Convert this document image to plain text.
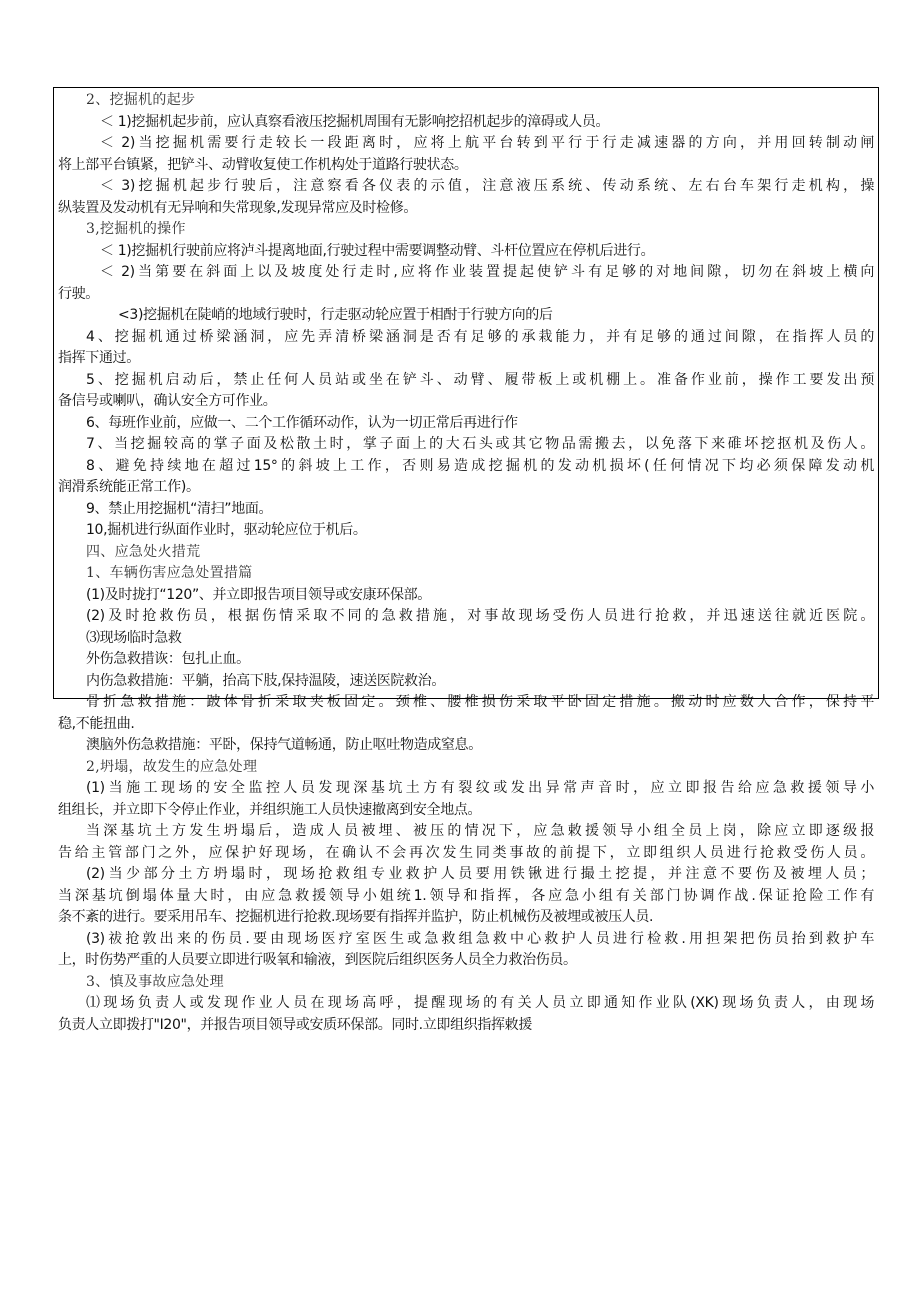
2、挖掘机的起步
＜ 1)挖掘机起步前，应认真察看液压挖掘机周围有无影响挖招机起步的漳碍或人员。
＜ 2)当挖掘机需要行走较长一段距离时，应将上航平台转到平行于行走减速器的方向，并用回转制动闸
将上部平台镇紧，把铲斗、动臂收复使工作机构处于道路行驶状态。
＜ 3)挖掘机起步行驶后，注意察看各仪表的示值，注意液压系统、传动系统、左右台车架行走机构，操
纵装置及发动机有无异响和失常现象,发现异常应及时检修。
3,挖掘机的操作
＜ 1)挖掘机行驶前应将泸斗提离地面,行驶过程中需要调整动臂、斗杆位置应在停机后进行。
＜ 2)当第要在斜面上以及坡度处行走时,应将作业装置提起使铲斗有足够的对地间隙，切勿在斜坡上横向
行驶。
<3)挖掘机在陡峭的地域行驶时，行走驱动轮应置于相酎于行驶方向的后
4、挖掘机通过桥梁涵洞，应先弄清桥梁涵洞是否有足够的承栽能力，并有足够的通过间隙，在指挥人员的
指挥下通过。
5、挖掘机启动后，禁止任何人员站或坐在铲斗、动臂、履带板上或机棚上。准备作业前，操作工要发出预
备信号或喇叭，确认安全方可作业。
6、每班作业前，应做一、二个工作循环动作，认为一切正常后再进行作
7、当挖掘较高的掌子面及松散土时，掌子面上的大石头或其它物品需搬去，以免落下来碓坏挖抠机及伤人。
8、避免持续地在超过15°的斜坡上工作，否则易造成挖掘机的发动机损坏(任何情况下均必须保障发动机
润滑系统能正常工作)。
9、禁止用挖掘机“清扫”地面。
10,掘机进行纵面作业时，驱动轮应位于机后。
四、应急处火措荒
1、车辆伤害应急处置措篇
(1)及时拢打“120”、并立即报告项目领导或安康环保部。
(2)及时抢救伤员，根据伤情采取不同的急救措施，对事故现场受伤人员进行抢救，并迅速送往就近医院。
⑶现场临时急救
外伤急救措诙：包扎止血。
内伤急救措施：平躺，抬高下肢,保持温陵，速送医院救治。
骨折急救措施：跛体骨折采取夹板固定。颈椎、腰椎损伤采取平卧固定措施。搬动时应数人合作，保持平
稳,不能扭曲.
澳脑外伤急救措施：平卧，保持气道畅通，防止呕吐物造成窒息。
2,坍塌，故发生的应急处理
(1)当施工现场的安全监控人员发现深基坑土方有裂纹或发出异常声音时，应立即报告给应急救援领导小
组组长，并立即下令停止作业，并组织施工人员快速撤离到安全地点。
当深基坑土方发生坍塌后，造成人员被埋、被压的情况下，应急敕援领导小组全员上岗，除应立即逐级报
告给主管部门之外，应保护好现场，在确认不会再次发生同类事故的前提下，立即组织人员进行抢救受伤人员。
(2)当少部分土方坍塌时，现场抢救组专业救护人员要用铁锹进行撮土挖提，并注意不要伤及被埋人员；
当深基坑倒塌体量大时，由应急救援领导小姐统1.领导和指挥，各应急小组有关部门协调作战.保证抢险工作有
条不紊的进行。要采用吊车、挖掘机进行抢救.现场要有指挥并监护，防止机械伤及被埋或被压人员.
(3)祓抢敦出来的伤员.要由现场医疗室医生或急救组急救中心救护人员进行检救.用担架把伤员抬到救护车
上，时伤势严重的人员要立即进行吸氧和输液，到医院后组织医务人员全力救治伤员。
3、慎及事故应急处理
⑴现场负责人或发现作业人员在现场高呼，提醒现场的有关人员立即通知作业队(XK)现场负责人，由现场
负责人立即拨打"I20"，并报告项目领导或安质环保部。同时.立即组织指挥敕援
